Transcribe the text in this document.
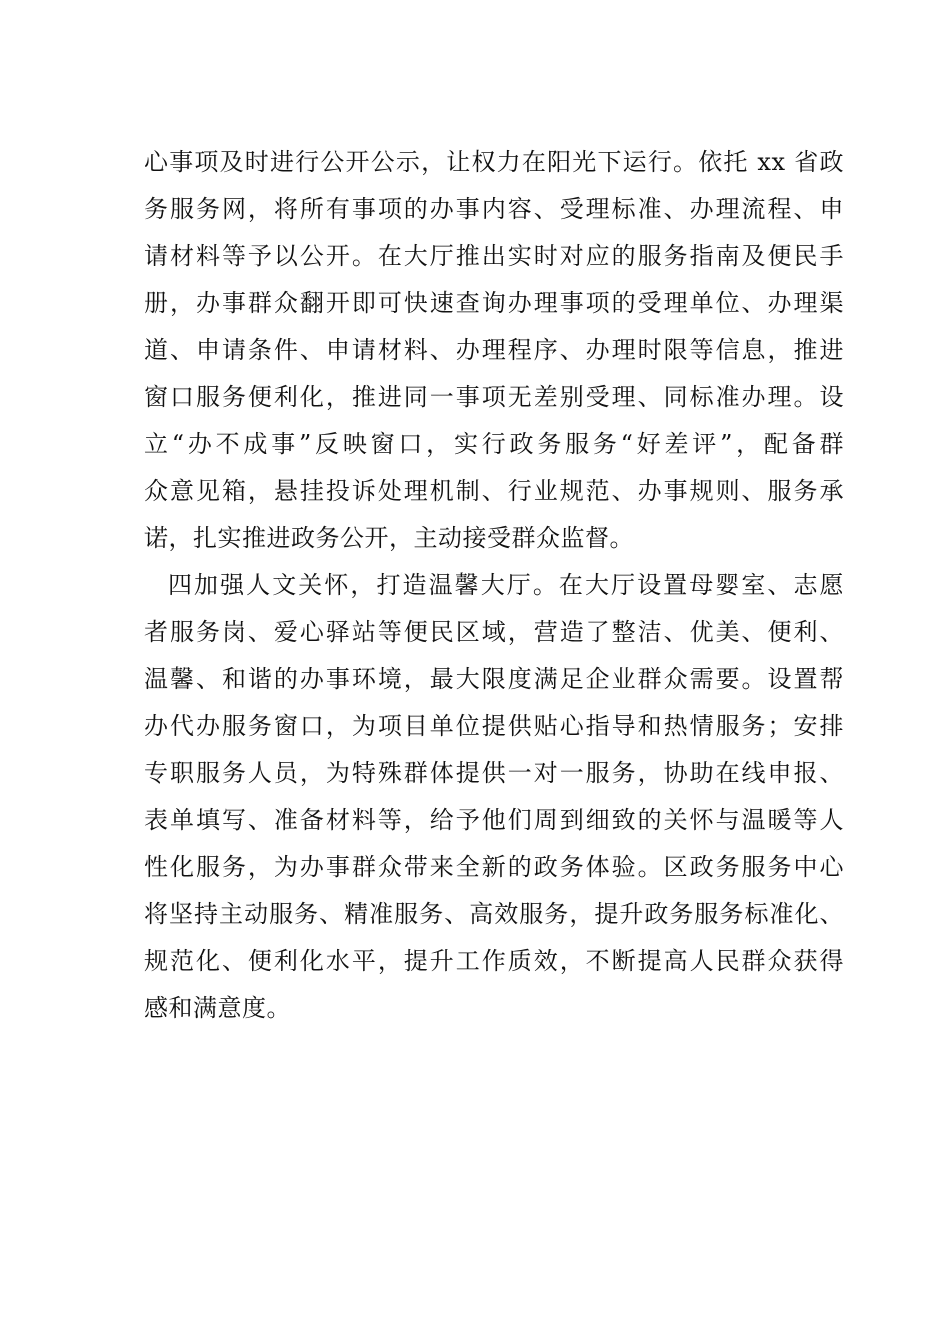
心事项及时进行公开公示，让权力在阳光下运行。依托 xx 省政
务服务网，将所有事项的办事内容、受理标准、办理流程、申
请材料等予以公开。在大厅推出实时对应的服务指南及便民手
册，办事群众翻开即可快速查询办理事项的受理单位、办理渠
道、申请条件、申请材料、办理程序、办理时限等信息，推进
窗口服务便利化，推进同一事项无差别受理、同标准办理。设
立“办不成事”反映窗口，实行政务服务“好差评”，配备群
众意见箱，悬挂投诉处理机制、行业规范、办事规则、服务承
诺，扎实推进政务公开，主动接受群众监督。
四加强人文关怀，打造温馨大厅。在大厅设置母婴室、志愿
者服务岗、爱心驿站等便民区域，营造了整洁、优美、便利、
温馨、和谐的办事环境，最大限度满足企业群众需要。设置帮
办代办服务窗口，为项目单位提供贴心指导和热情服务；安排
专职服务人员，为特殊群体提供一对一服务，协助在线申报、
表单填写、准备材料等，给予他们周到细致的关怀与温暖等人
性化服务，为办事群众带来全新的政务体验。区政务服务中心
将坚持主动服务、精准服务、高效服务，提升政务服务标准化、
规范化、便利化水平，提升工作质效，不断提高人民群众获得
感和满意度。
